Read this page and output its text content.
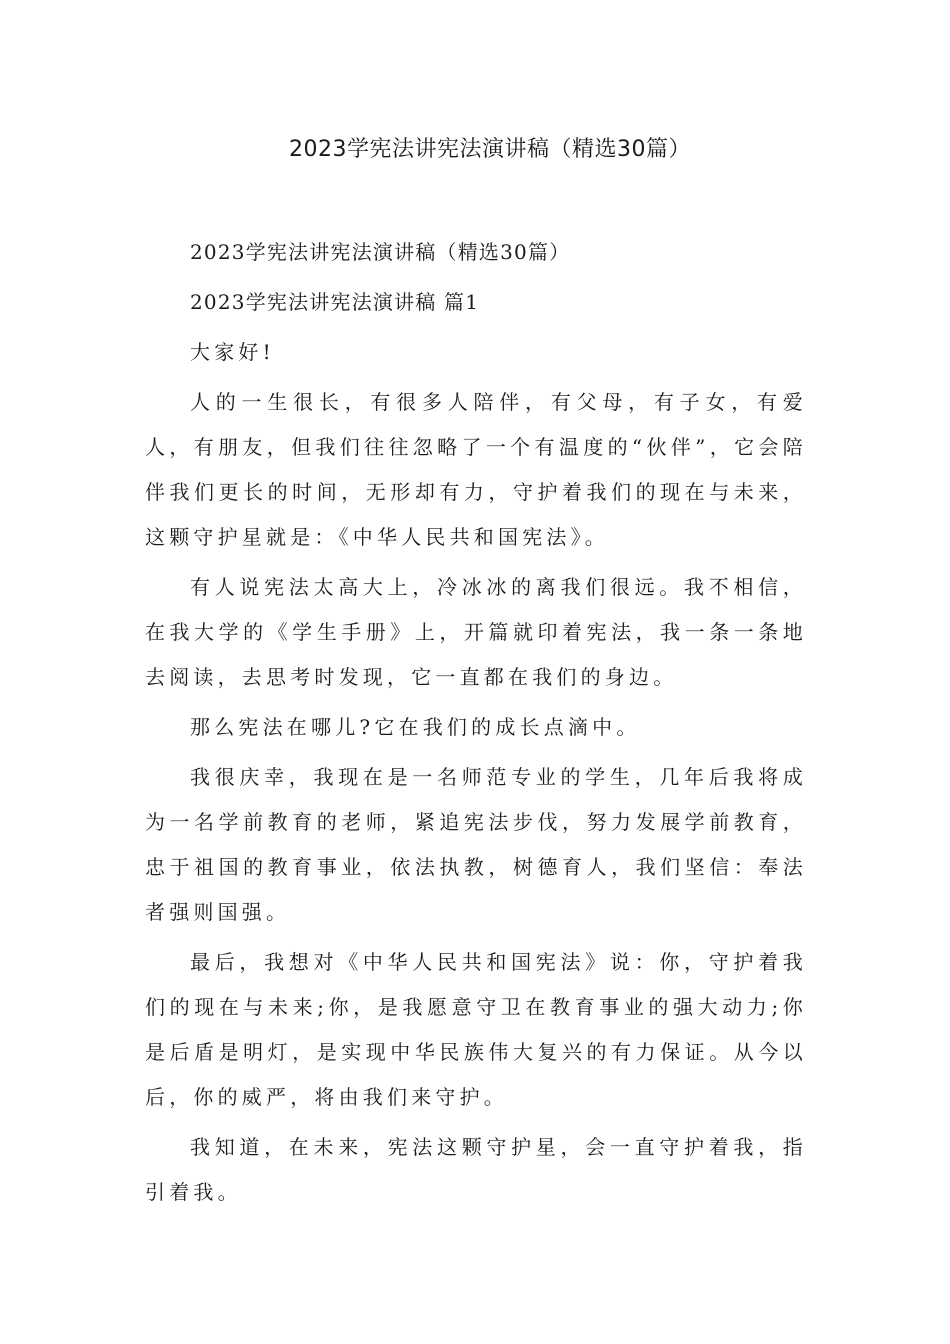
2023学宪法讲宪法演讲稿（精选30篇）

2023学宪法讲宪法演讲稿（精选30篇）

2023学宪法讲宪法演讲稿 篇1

大家好!

人的一生很长，有很多人陪伴，有父母，有子女，有爱人，有朋友，但我们往往忽略了一个有温度的“伙伴”，它会陪伴我们更长的时间，无形却有力，守护着我们的现在与未来，这颗守护星就是：《中华人民共和国宪法》。

有人说宪法太高大上，冷冰冰的离我们很远。我不相信，在我大学的《学生手册》上，开篇就印着宪法，我一条一条地去阅读，去思考时发现，它一直都在我们的身边。

那么宪法在哪儿?它在我们的成长点滴中。

我很庆幸，我现在是一名师范专业的学生，几年后我将成为一名学前教育的老师，紧追宪法步伐，努力发展学前教育，忠于祖国的教育事业，依法执教，树德育人，我们坚信：奉法者强则国强。

最后，我想对《中华人民共和国宪法》说：你，守护着我们的现在与未来;你，是我愿意守卫在教育事业的强大动力;你是后盾是明灯，是实现中华民族伟大复兴的有力保证。从今以后，你的威严，将由我们来守护。

我知道，在未来，宪法这颗守护星，会一直守护着我，指引着我。
